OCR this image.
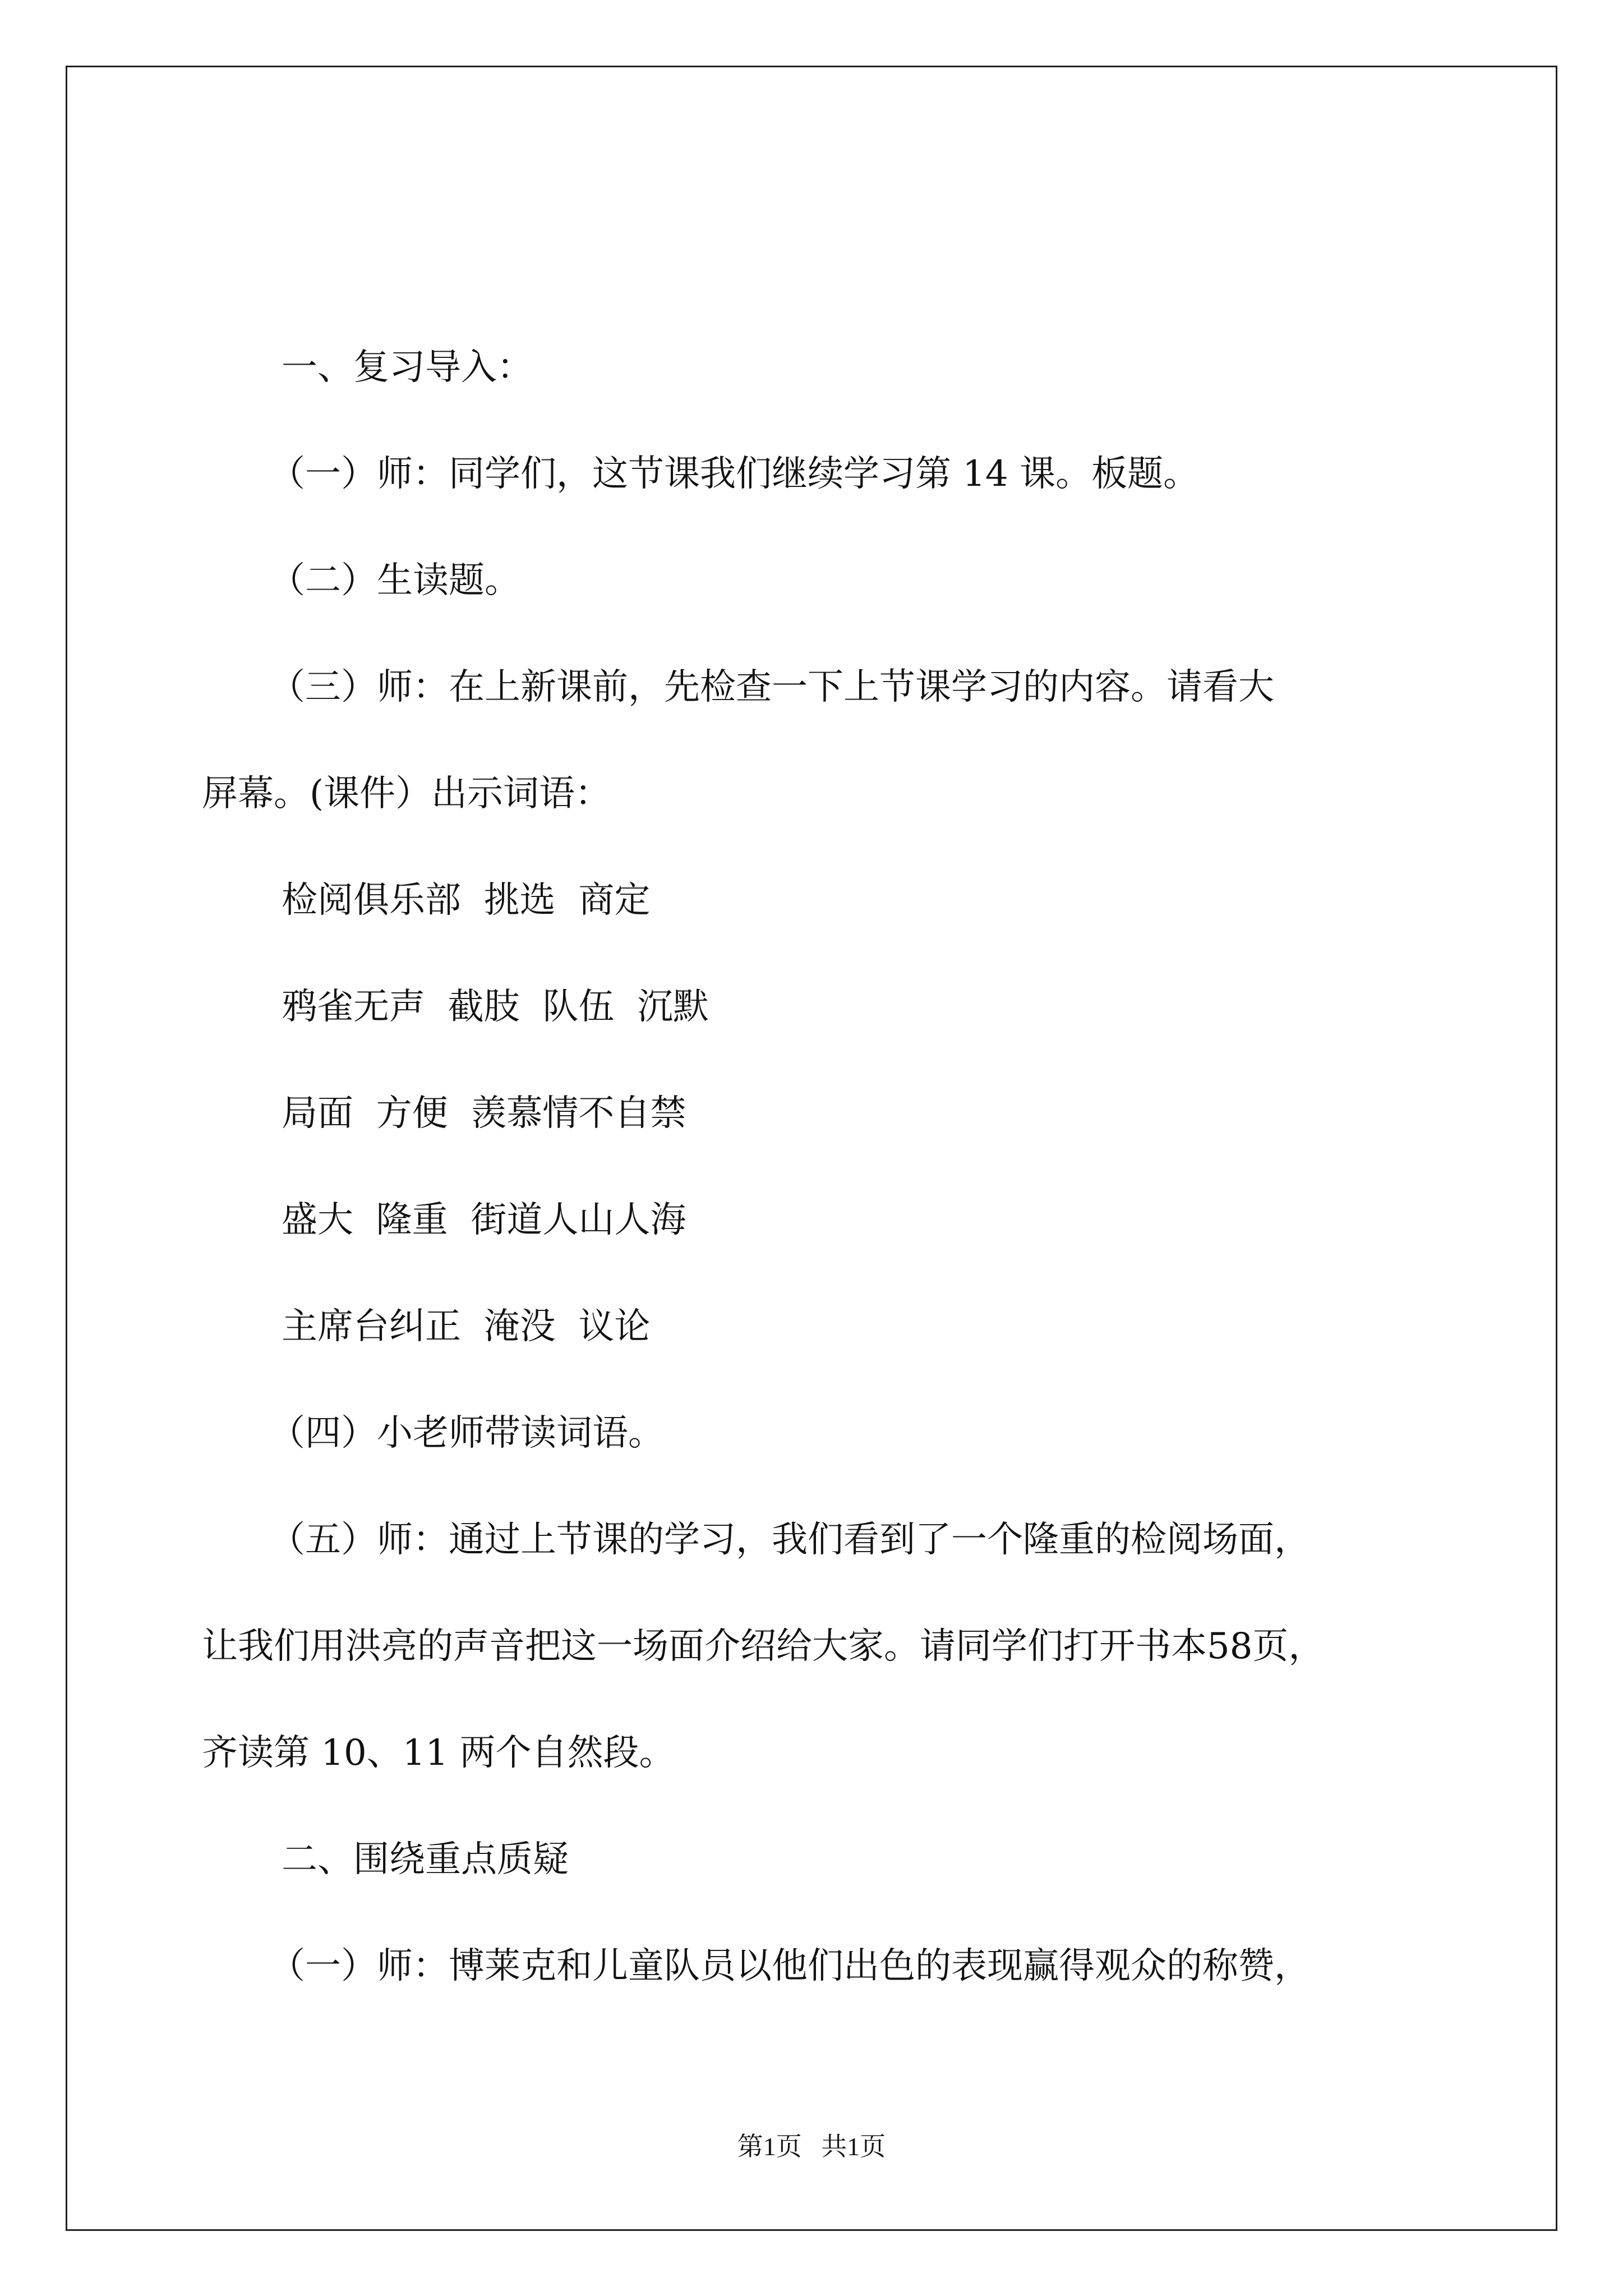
一、复习导入：

（一）师：同学们，这节课我们继续学习第 14 课。板题。

（二）生读题。

（三）师：在上新课前，先检查一下上节课学习的内容。请看大

屏幕。(课件）出示词语：

检阅俱乐部  挑选  商定

鸦雀无声  截肢  队伍  沉默

局面  方便  羡慕情不自禁

盛大  隆重  街道人山人海

主席台纠正  淹没  议论

（四）小老师带读词语。

（五）师：通过上节课的学习，我们看到了一个隆重的检阅场面，

让我们用洪亮的声音把这一场面介绍给大家。请同学们打开书本58页，

齐读第 10、11 两个自然段。

二、围绕重点质疑

（一）师：博莱克和儿童队员以他们出色的表现赢得观众的称赞，

第1页   共1页
